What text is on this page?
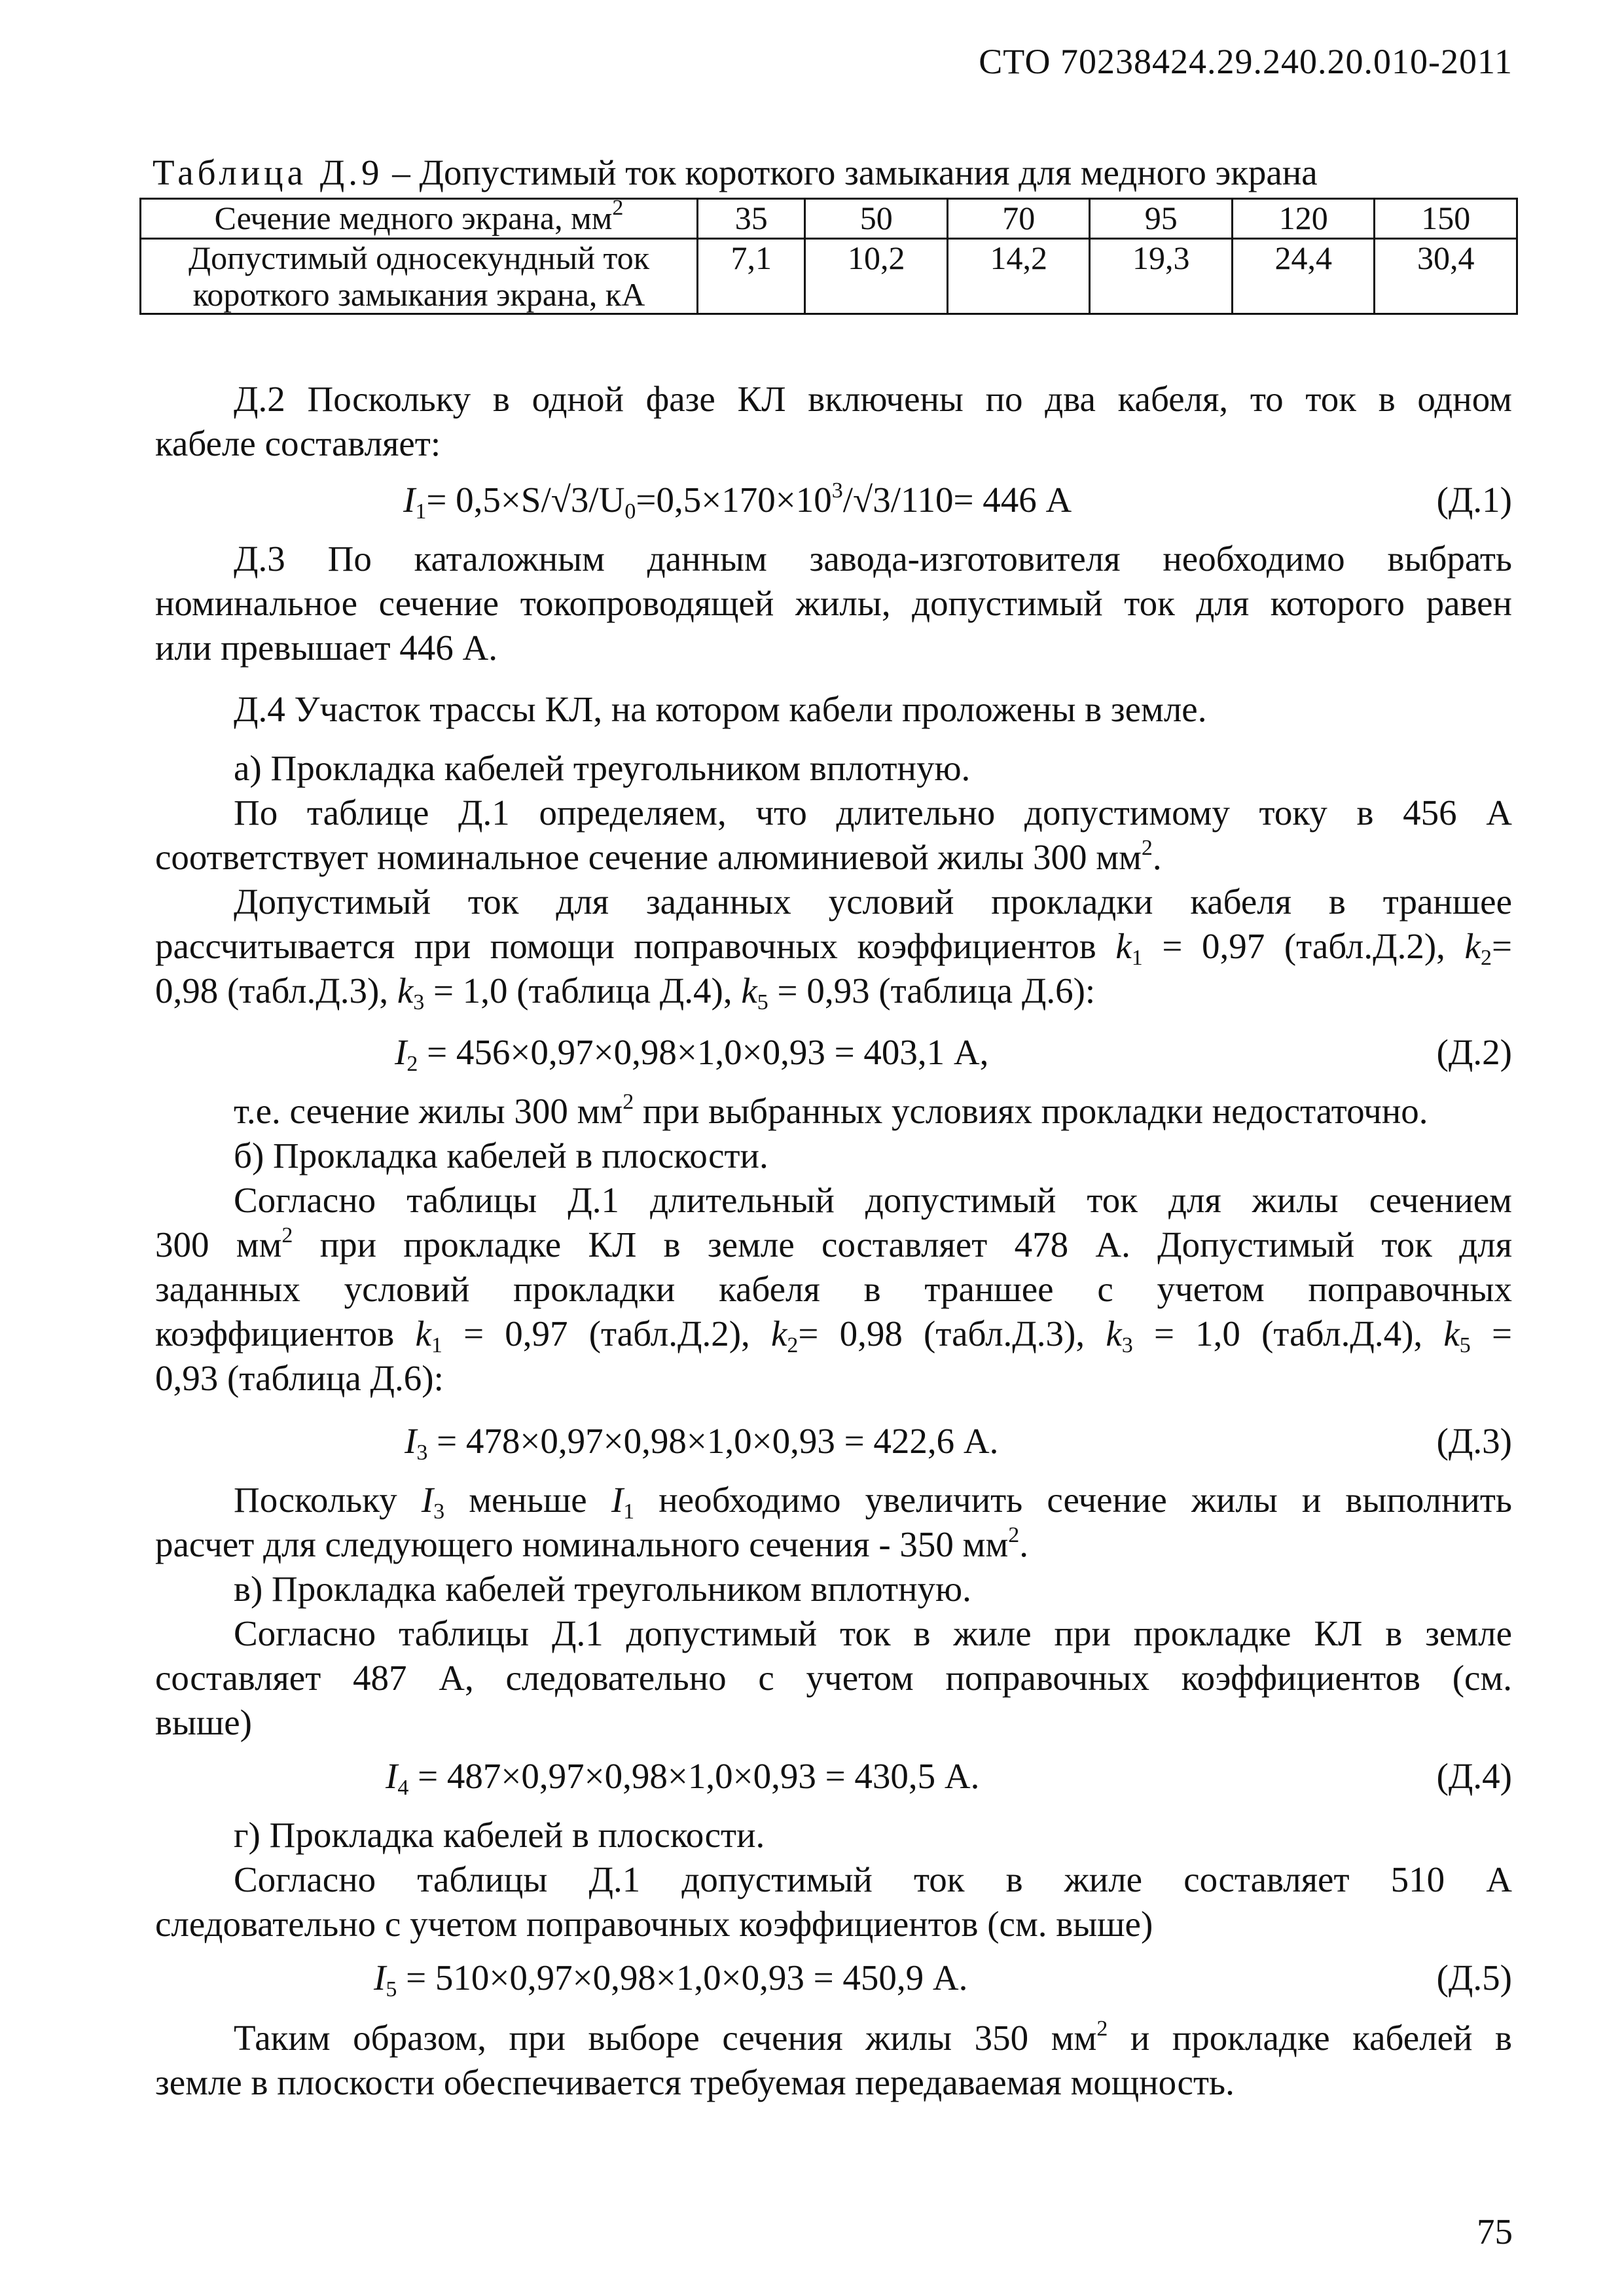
СТО 70238424.29.240.20.010-2011
Таблица Д.9 – Допустимый ток короткого замыкания для медного экрана
Сечение медного экрана, $мм^2$	35	50	70	95	120	150

Допустимый односекундный ток
короткого замыкания экрана, кА	7,1	10,2	14,2	19,3	24,4	30,4
Д.2 Поскольку в одной фазе КЛ включены по два кабеля, то ток в одном
кабеле составляет:
$I_1= 0,5\times S/√3/U_0=0,5\times 170\times 10^3/√3/110= 446$ А	(Д.1)
Д.3 По каталожным данным завода-изготовителя необходимо выбрать
номинальное сечение токопроводящей жилы, допустимый ток для которого равен
или превышает 446 А.
Д.4 Участок трассы КЛ, на котором кабели проложены в земле.
а) Прокладка кабелей треугольником вплотную.
По таблице Д.1 определяем, что длительно допустимому току в 456 А
соответствует номинальное сечение алюминиевой жилы 300 $мм^2$.
Допустимый ток для заданных условий прокладки кабеля в траншее
рассчитывается при помощи поправочных коэффициентов $k_1 = 0,97$ (табл.Д.2), $k_2=$
0,98 (табл.Д.3), $k_3 = 1,0$ (таблица Д.4), $k_5 = 0,93$ (таблица Д.6):
$I_2 = 456\times 0,97\times 0,98\times 1,0\times 0,93 = 403,1$ А,	(Д.2)
т.е. сечение жилы 300 $мм^2$ при выбранных условиях прокладки недостаточно.
б) Прокладка кабелей в плоскости.
Согласно таблицы Д.1 длительный допустимый ток для жилы сечением
300 $мм^2$ при прокладке КЛ в земле составляет 478 А. Допустимый ток для
заданных условий прокладки кабеля в траншее с учетом поправочных
коэффициентов $k_1 = 0,97$ (табл.Д.2), $k_2= 0,98$ (табл.Д.3), $k_3 = 1,0$ (табл.Д.4), $k_5$ =
0,93 (таблица Д.6):
$I_3 = 478\times 0,97\times 0,98\times 1,0\times 0,93 = 422,6$ А.	(Д.3)
Поскольку $I_3$ меньше $I_1$ необходимо увеличить сечение жилы и выполнить
расчет для следующего номинального сечения - 350 $мм^2$.
в) Прокладка кабелей треугольником вплотную.
Согласно таблицы Д.1 допустимый ток в жиле при прокладке КЛ в земле
составляет 487 А, следовательно с учетом поправочных коэффициентов (см.
выше)
$I_4 = 487\times 0,97\times 0,98\times 1,0\times 0,93 = 430,5$ А.	(Д.4)
г) Прокладка кабелей в плоскости.
Согласно таблицы Д.1 допустимый ток в жиле составляет 510 А
следовательно с учетом поправочных коэффициентов (см. выше)
$I_5 = 510\times 0,97\times 0,98\times 1,0\times 0,93 = 450,9$ А.	(Д.5)
Таким образом, при выборе сечения жилы 350 $мм^2$ и прокладке кабелей в
земле в плоскости обеспечивается требуемая передаваемая мощность.
75
